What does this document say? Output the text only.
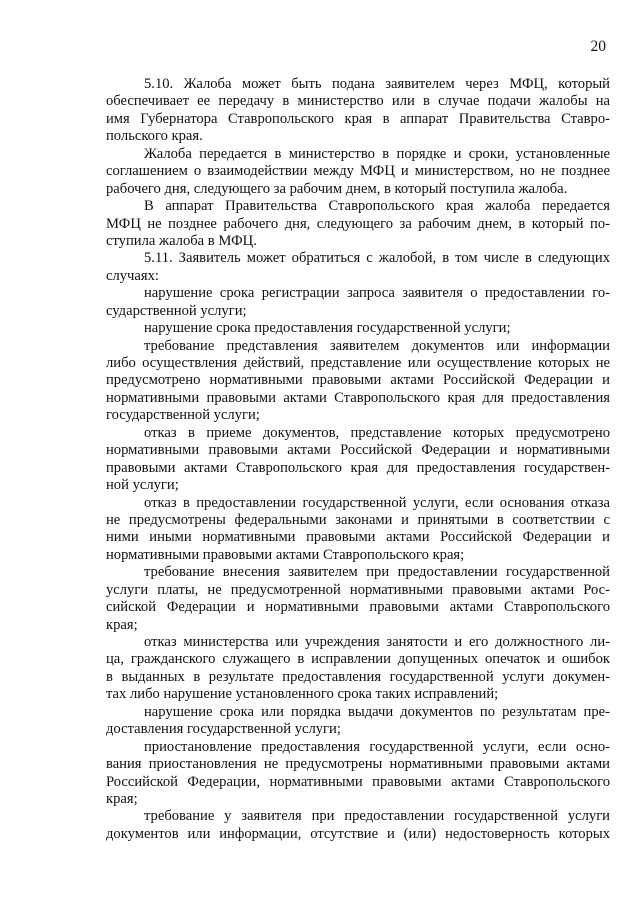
20
5.10. Жалоба может быть подана заявителем через МФЦ, который
обеспечивает ее передачу в министерство или в случае подачи жалобы на
имя Губернатора Ставропольского края в аппарат Правительства Ставро-
польского края.
Жалоба передается в министерство в порядке и сроки, установленные
соглашением о взаимодействии между МФЦ и министерством, но не позднее
рабочего дня, следующего за рабочим днем, в который поступила жалоба.
В аппарат Правительства Ставропольского края жалоба передается
МФЦ не позднее рабочего дня, следующего за рабочим днем, в который по-
ступила жалоба в МФЦ.
5.11. Заявитель может обратиться с жалобой, в том числе в следующих
случаях:
нарушение срока регистрации запроса заявителя о предоставлении го-
сударственной услуги;
нарушение срока предоставления государственной услуги;
требование представления заявителем документов или информации
либо осуществления действий, представление или осуществление которых не
предусмотрено нормативными правовыми актами Российской Федерации и
нормативными правовыми актами Ставропольского края для предоставления
государственной услуги;
отказ в приеме документов, представление которых предусмотрено
нормативными правовыми актами Российской Федерации и нормативными
правовыми актами Ставропольского края для предоставления государствен-
ной услуги;
отказ в предоставлении государственной услуги, если основания отказа
не предусмотрены федеральными законами и принятыми в соответствии с
ними иными нормативными правовыми актами Российской Федерации и
нормативными правовыми актами Ставропольского края;
требование внесения заявителем при предоставлении государственной
услуги платы, не предусмотренной нормативными правовыми актами Рос-
сийской Федерации и нормативными правовыми актами Ставропольского
края;
отказ министерства или учреждения занятости и его должностного ли-
ца, гражданского служащего в исправлении допущенных опечаток и ошибок
в выданных в результате предоставления государственной услуги докумен-
тах либо нарушение установленного срока таких исправлений;
нарушение срока или порядка выдачи документов по результатам пре-
доставления государственной услуги;
приостановление предоставления государственной услуги, если осно-
вания приостановления не предусмотрены нормативными правовыми актами
Российской Федерации, нормативными правовыми актами Ставропольского
края;
требование у заявителя при предоставлении государственной услуги
документов или информации, отсутствие и (или) недостоверность которых
